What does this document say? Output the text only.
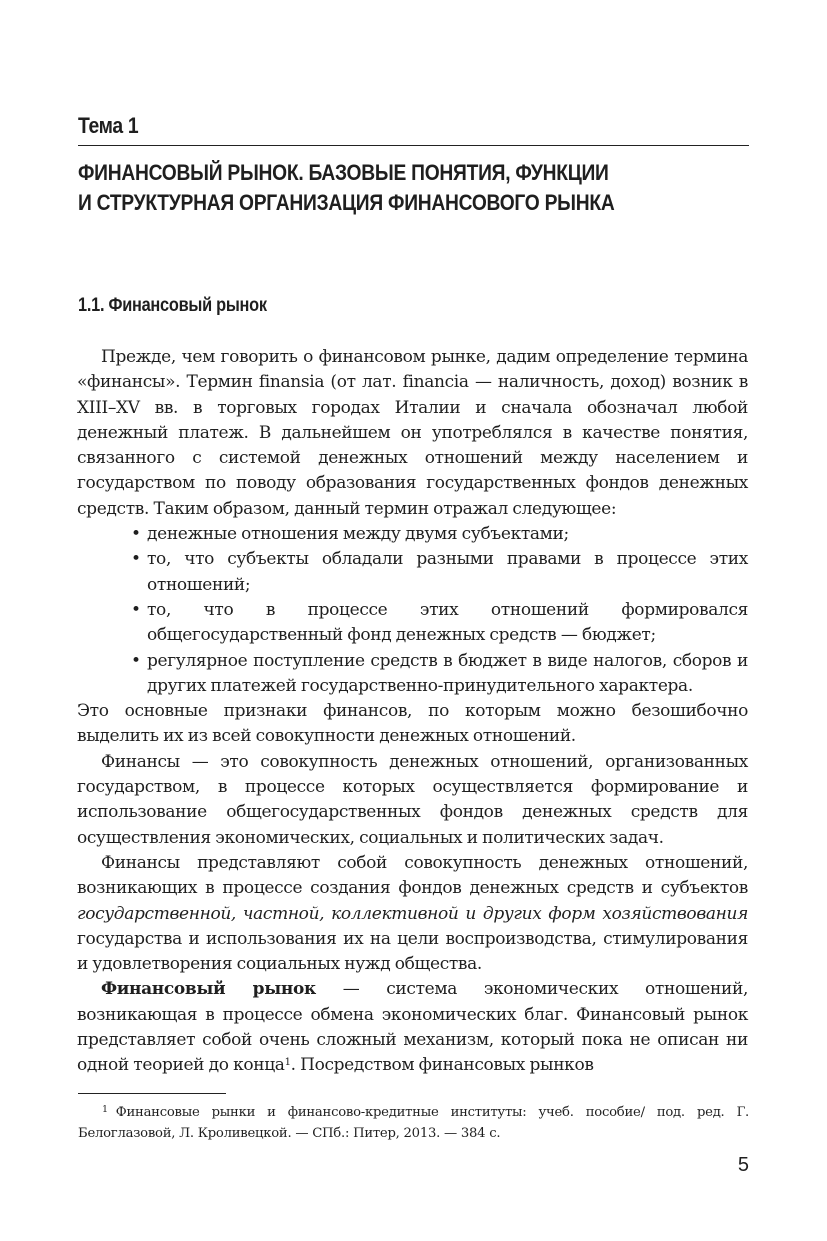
Тема 1
ФИНАНСОВЫЙ РЫНОК. БАЗОВЫЕ ПОНЯТИЯ, ФУНКЦИИ
И СТРУКТУРНАЯ ОРГАНИЗАЦИЯ ФИНАНСОВОГО РЫНКА
1.1. Финансовый рынок

Прежде, чем говорить о финансовом рынке, дадим определение термина «финансы». Термин finansia (от лат. financia — наличность, доход) возник в XIII–XV вв. в торговых городах Италии и сначала обозначал любой денежный платеж. В дальнейшем он употреблялся в качестве понятия, связанного с системой денежных отношений между населением и государством по поводу образования государственных фондов денежных средств. Таким образом, данный термин отражал следующее:

• денежные отношения между двумя субъектами;
• то, что субъекты обладали разными правами в процессе этих отношений;
• то, что в процессе этих отношений формировался общегосударственный фонд денежных средств — бюджет;
• регулярное поступление средств в бюджет в виде налогов, сборов и других платежей государственно-принудительного характера.

Это основные признаки финансов, по которым можно безошибочно выделить их из всей совокупности денежных отношений.

Финансы — это совокупность денежных отношений, организованных государством, в процессе которых осуществляется формирование и использование общегосударственных фондов денежных средств для осуществления экономических, социальных и политических задач.

Финансы представляют собой совокупность денежных отношений, возникающих в процессе создания фондов денежных средств и субъектов государственной, частной, коллективной и других форм хозяйствования государства и использования их на цели воспроизводства, стимулирования и удовлетворения социальных нужд общества.

Финансовый рынок — система экономических отношений, возникающая в процессе обмена экономических благ. Финансовый рынок представляет собой очень сложный механизм, который пока не описан ни одной теорией до конца$^1$. Посредством финансовых рынков

$^1$ Финансовые рынки и финансово-кредитные институты: учеб. пособие/ под. ред. Г. Белоглазовой, Л. Кроливецкой. — СПб.: Питер, 2013. — 384 с.

5
